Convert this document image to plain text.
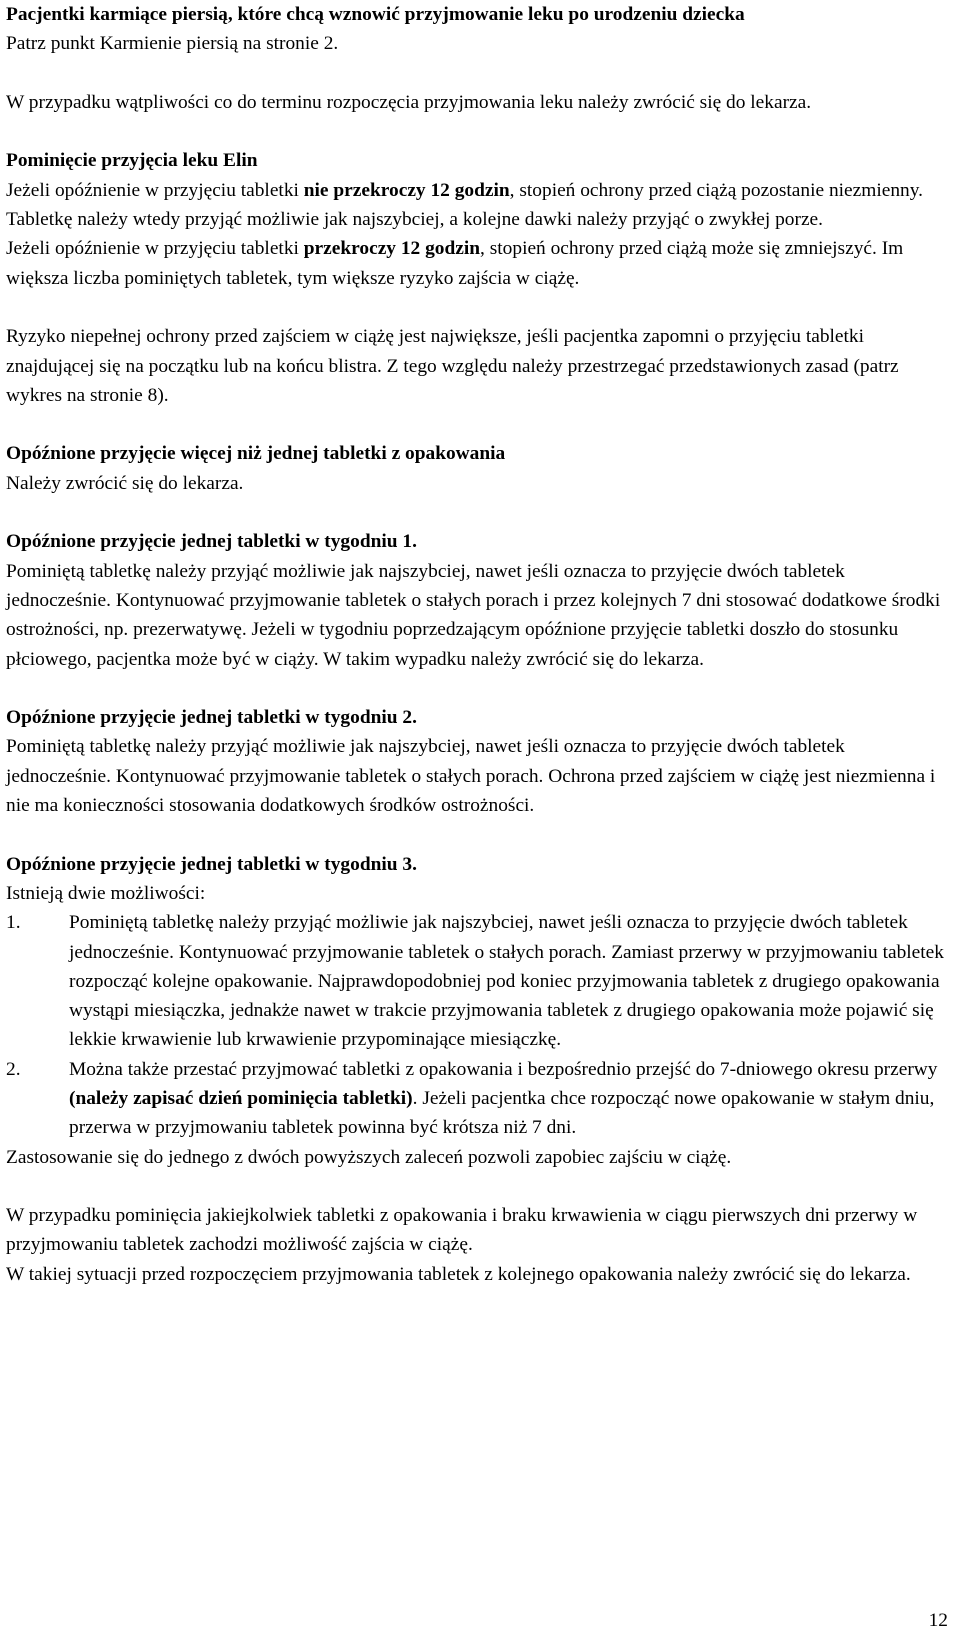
Pacjentki karmiące piersią, które chcą wznowić przyjmowanie leku po urodzeniu dziecka

Patrz punkt Karmienie piersią na stronie 2.

W przypadku wątpliwości co do terminu rozpoczęcia przyjmowania leku należy zwrócić się do lekarza.

Pominięcie przyjęcia leku Elin

Jeżeli opóźnienie w przyjęciu tabletki nie przekroczy 12 godzin, stopień ochrony przed ciążą pozostanie niezmienny. Tabletkę należy wtedy przyjąć możliwie jak najszybciej, a kolejne dawki należy przyjąć o zwykłej porze.

Jeżeli opóźnienie w przyjęciu tabletki przekroczy 12 godzin, stopień ochrony przed ciążą może się zmniejszyć. Im większa liczba pominiętych tabletek, tym większe ryzyko zajścia w ciążę.

Ryzyko niepełnej ochrony przed zajściem w ciążę jest największe, jeśli pacjentka zapomni o przyjęciu tabletki znajdującej się na początku lub na końcu blistra. Z tego względu należy przestrzegać przedstawionych zasad (patrz wykres na stronie 8).

Opóźnione przyjęcie więcej niż jednej tabletki z opakowania

Należy zwrócić się do lekarza.

Opóźnione przyjęcie jednej tabletki w tygodniu 1.

Pominiętą tabletkę należy przyjąć możliwie jak najszybciej, nawet jeśli oznacza to przyjęcie dwóch tabletek jednocześnie. Kontynuować przyjmowanie tabletek o stałych porach i przez kolejnych 7 dni stosować dodatkowe środki ostrożności, np. prezerwatywę. Jeżeli w tygodniu poprzedzającym opóźnione przyjęcie tabletki doszło do stosunku płciowego, pacjentka może być w ciąży. W takim wypadku należy zwrócić się do lekarza.

Opóźnione przyjęcie jednej tabletki w tygodniu 2.

Pominiętą tabletkę należy przyjąć możliwie jak najszybciej, nawet jeśli oznacza to przyjęcie dwóch tabletek jednocześnie. Kontynuować przyjmowanie tabletek o stałych porach. Ochrona przed zajściem w ciążę jest niezmienna i nie ma konieczności stosowania dodatkowych środków ostrożności.

Opóźnione przyjęcie jednej tabletki w tygodniu 3.

Istnieją dwie możliwości:

1.	Pominiętą tabletkę należy przyjąć możliwie jak najszybciej, nawet jeśli oznacza to przyjęcie dwóch tabletek jednocześnie. Kontynuować przyjmowanie tabletek o stałych porach. Zamiast przerwy w przyjmowaniu tabletek rozpocząć kolejne opakowanie. Najprawdopodobniej pod koniec przyjmowania tabletek z drugiego opakowania wystąpi miesiączka, jednakże nawet w trakcie przyjmowania tabletek z drugiego opakowania może pojawić się lekkie krwawienie lub krwawienie przypominające miesiączkę.
2.	Można także przestać przyjmować tabletki z opakowania i bezpośrednio przejść do 7-dniowego okresu przerwy (należy zapisać dzień pominięcia tabletki). Jeżeli pacjentka chce rozpocząć nowe opakowanie w stałym dniu, przerwa w przyjmowaniu tabletek powinna być krótsza niż 7 dni.

Zastosowanie się do jednego z dwóch powyższych zaleceń pozwoli zapobiec zajściu w ciążę.

W przypadku pominięcia jakiejkolwiek tabletki z opakowania i braku krwawienia w ciągu pierwszych dni przerwy w przyjmowaniu tabletek zachodzi możliwość zajścia w ciążę.

W takiej sytuacji przed rozpoczęciem przyjmowania tabletek z kolejnego opakowania należy zwrócić się do lekarza.

12
